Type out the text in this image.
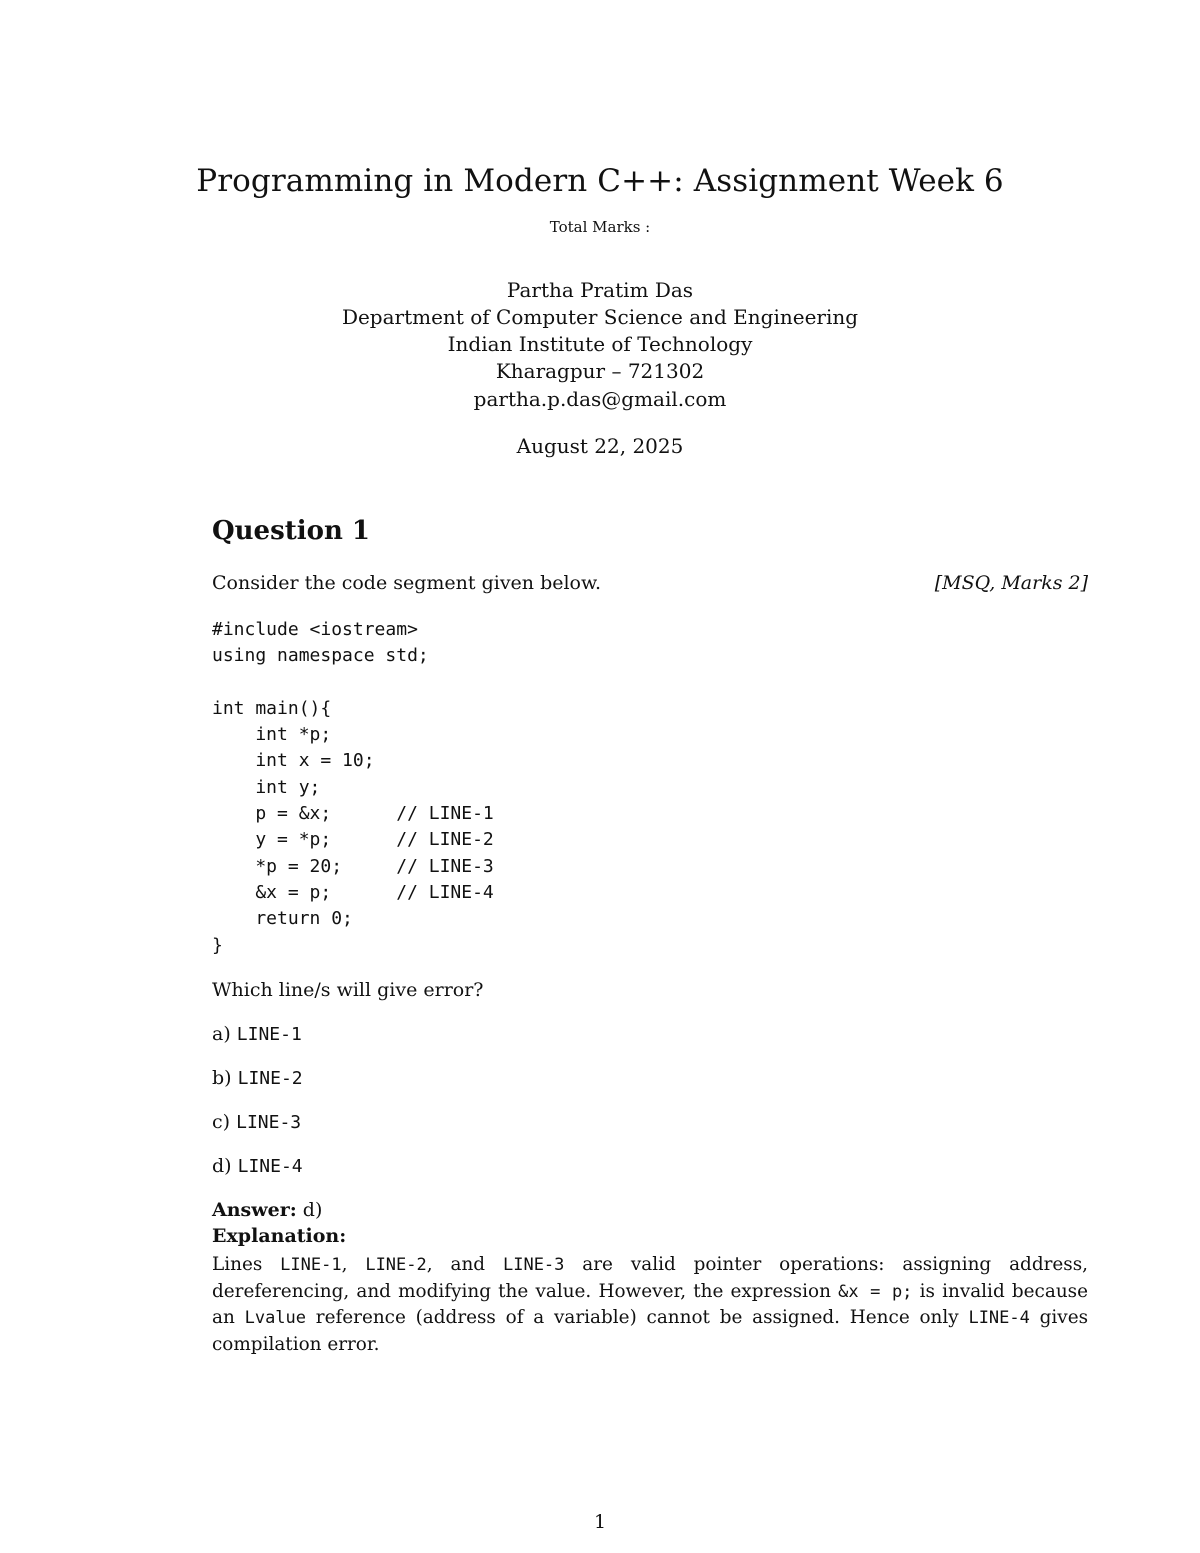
Programming in Modern C++: Assignment Week 6
Total Marks :
Partha Pratim Das
Department of Computer Science and Engineering
Indian Institute of Technology
Kharagpur – 721302
partha.p.das@gmail.com
August 22, 2025
Question 1
Consider the code segment given below.	[MSQ, Marks 2]
#include <iostream>
using namespace std;

int main(){
int *p;
int x = 10;
int y;
p = &x;      // LINE-1
y = *p;      // LINE-2
*p = 20;     // LINE-3
&x = p;      // LINE-4
return 0;
}
Which line/s will give error?
a) LINE-1
b) LINE-2
c) LINE-3
d) LINE-4
Answer: d)
Explanation:
Lines LINE-1, LINE-2, and LINE-3 are valid pointer operations: assigning address, dereferencing, and modifying the value. However, the expression &x = p; is invalid because an Lvalue reference (address of a variable) cannot be assigned. Hence only LINE-4 gives compilation error.
1
